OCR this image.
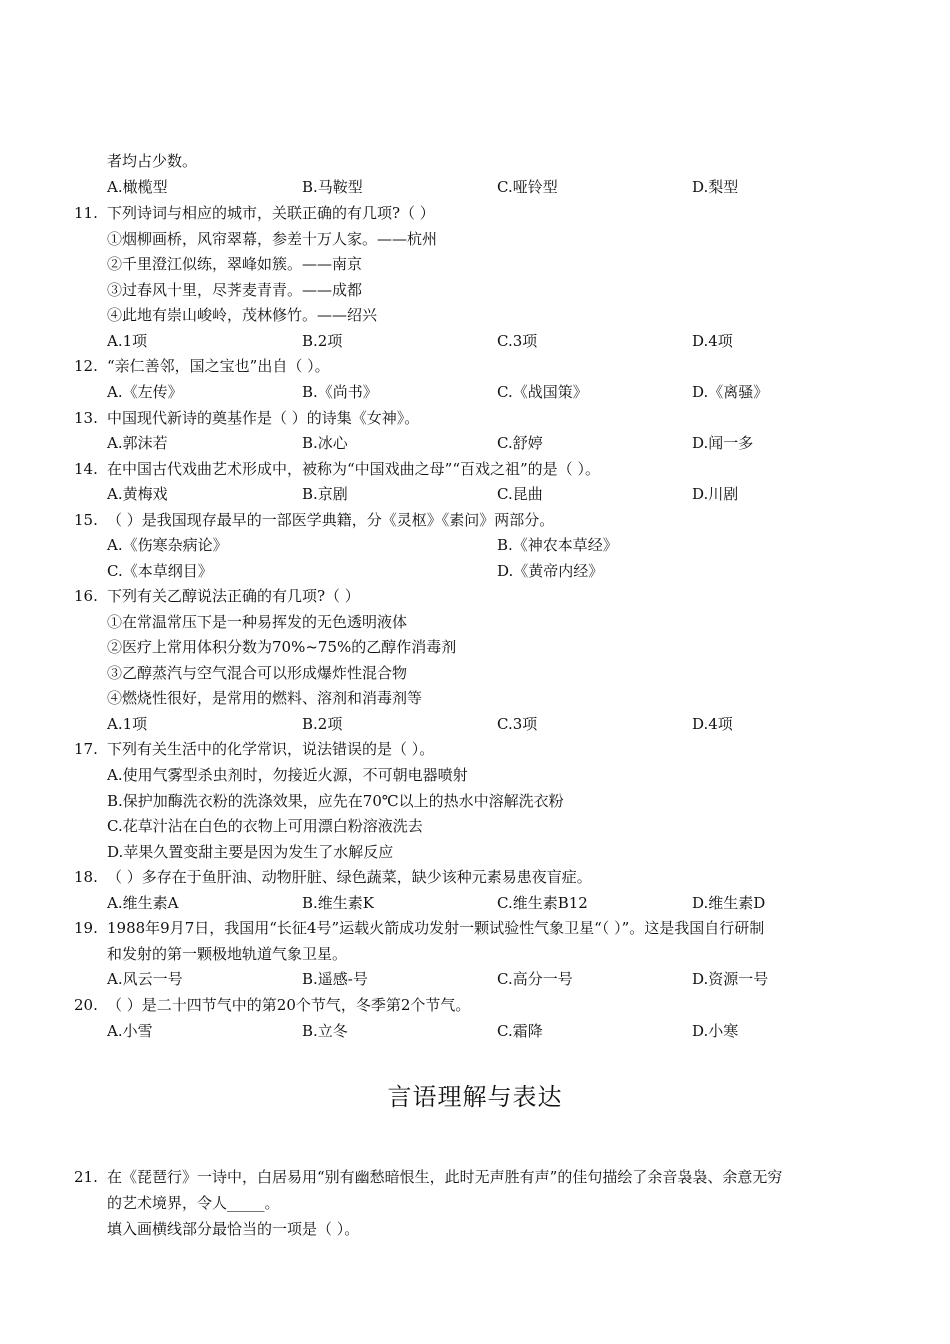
者均占少数。
A.橄榄型	B.马鞍型	C.哑铃型	D.梨型
11. 下列诗词与相应的城市，关联正确的有几项?（ ）
①烟柳画桥，风帘翠幕，参差十万人家。——杭州
②千里澄江似练，翠峰如簇。——南京
③过春风十里，尽荠麦青青。——成都
④此地有崇山峻岭，茂林修竹。——绍兴
A.1项	B.2项	C.3项	D.4项
12. “亲仁善邻，国之宝也”出自（ ）。
A.《左传》	B.《尚书》	C.《战国策》	D.《离骚》
13. 中国现代新诗的奠基作是（ ）的诗集《女神》。
A.郭沫若	B.冰心	C.舒婷	D.闻一多
14. 在中国古代戏曲艺术形成中，被称为“中国戏曲之母”“百戏之祖”的是（ ）。
A.黄梅戏	B.京剧	C.昆曲	D.川剧
15. （ ）是我国现存最早的一部医学典籍，分《灵枢》《素问》两部分。
A.《伤寒杂病论》	B.《神农本草经》
C.《本草纲目》	D.《黄帝内经》
16. 下列有关乙醇说法正确的有几项?（ ）
①在常温常压下是一种易挥发的无色透明液体
②医疗上常用体积分数为70%~75%的乙醇作消毒剂
③乙醇蒸汽与空气混合可以形成爆炸性混合物
④燃烧性很好，是常用的燃料、溶剂和消毒剂等
A.1项	B.2项	C.3项	D.4项
17. 下列有关生活中的化学常识，说法错误的是（ ）。
A.使用气雾型杀虫剂时，勿接近火源，不可朝电器喷射
B.保护加酶洗衣粉的洗涤效果，应先在70℃以上的热水中溶解洗衣粉
C.花草汁沾在白色的衣物上可用漂白粉溶液洗去
D.苹果久置变甜主要是因为发生了水解反应
18. （ ）多存在于鱼肝油、动物肝脏、绿色蔬菜，缺少该种元素易患夜盲症。
A.维生素A	B.维生素K	C.维生素B12	D.维生素D
19. 1988年9月7日，我国用“长征4号”运载火箭成功发射一颗试验性气象卫星“（ ）”。这是我国自行研制
和发射的第一颗极地轨道气象卫星。
A.风云一号	B.遥感-号	C.高分一号	D.资源一号
20. （ ）是二十四节气中的第20个节气，冬季第2个节气。
A.小雪	B.立冬	C.霜降	D.小寒
言语理解与表达
21. 在《琵琶行》一诗中，白居易用“别有幽愁暗恨生，此时无声胜有声”的佳句描绘了余音袅袅、余意无穷
的艺术境界，令人_____。
填入画横线部分最恰当的一项是（ ）。
